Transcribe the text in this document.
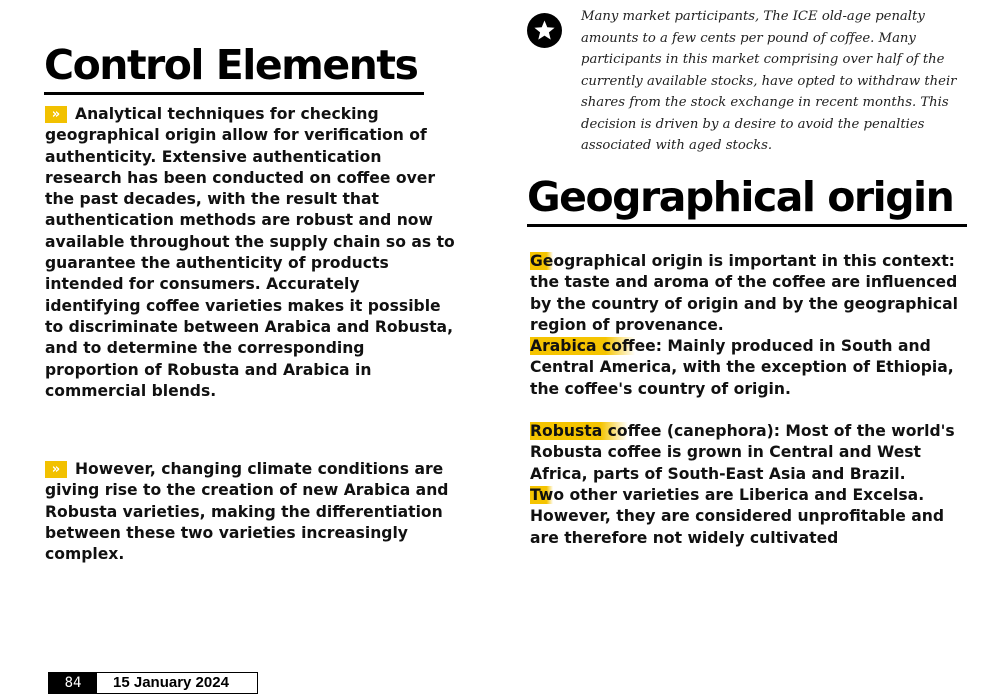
Control Elements
» Analytical techniques for checking geographical origin allow for verification of authenticity. Extensive authentication research has been conducted on coffee over the past decades, with the result that authentication methods are robust and now available throughout the supply chain so as to guarantee the authenticity of products intended for consumers. Accurately identifying coffee varieties makes it possible to discriminate between Arabica and Robusta, and to determine the corresponding proportion of Robusta and Arabica in commercial blends.
» However, changing climate conditions are giving rise to the creation of new Arabica and Robusta varieties, making the differentiation between these two varieties increasingly complex.
Many market participants, The ICE old-age penalty amounts to a few cents per pound of coffee. Many participants in this market comprising over half of the currently available stocks, have opted to withdraw their shares from the stock exchange in recent months. This decision is driven by a desire to avoid the penalties associated with aged stocks.
Geographical origin

Geographical origin is important in this context: the taste and aroma of the coffee are influenced by the country of origin and by the geographical region of provenance.

Arabica coffee: Mainly produced in South and Central America, with the exception of Ethiopia, the coffee's country of origin.

Robusta coffee (canephora): Most of the world's Robusta coffee is grown in Central and West Africa, parts of South-East Asia and Brazil.

Two other varieties are Liberica and Excelsa. However, they are considered unprofitable and are therefore not widely cultivated

84	15 January 2024
